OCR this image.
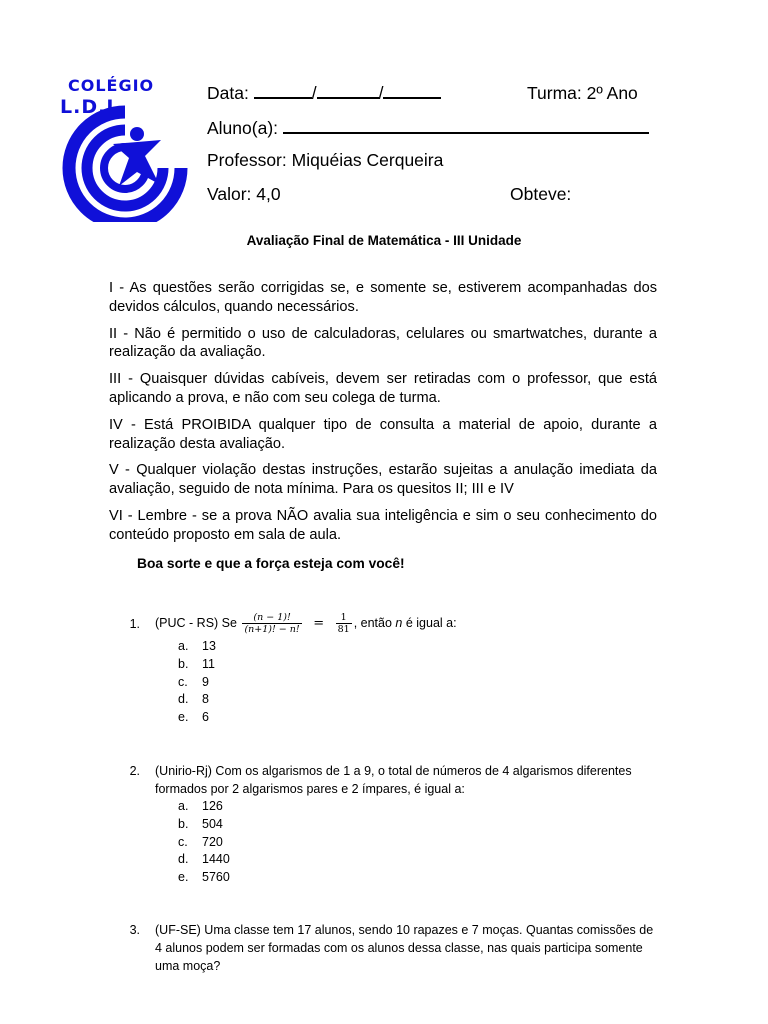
COLÉGIO
L.D.I.
Data:	/	/	Turma: 2º Ano
Aluno(a):
Professor: Miquéias Cerqueira
Valor: 4,0	Obteve:
Avaliação Final de Matemática - III Unidade

I - As questões serão corrigidas se, e somente se, estiverem acompanhadas dos devidos cálculos, quando necessários.

II - Não é permitido o uso de calculadoras, celulares ou smartwatches, durante a realização da avaliação.

III - Quaisquer dúvidas cabíveis, devem ser retiradas com o professor, que está aplicando a prova, e não com seu colega de turma.

IV - Está PROIBIDA qualquer tipo de consulta a material de apoio, durante a realização desta avaliação.

V - Qualquer violação destas instruções, estarão sujeitas a anulação imediata da avaliação, seguido de nota mínima. Para os quesitos II; III e IV

VI - Lembre - se a prova NÃO avalia sua inteligência e sim o seu conhecimento do conteúdo proposto em sala de aula.

Boa sorte e que a força esteja com você!
1. (PUC - RS) Se $\frac{(n - 1)!}{(n+1)! - n!} = \frac{1}{81}$ , então n é igual a:
a.	13
b.	11
c.	9
d.	8
e.	6
2. (Unirio-Rj) Com os algarismos de 1 a 9, o total de números de 4 algarismos diferentes
formados por 2 algarismos pares e 2 ímpares, é igual a:
a.	126
b.	504
c.	720
d.	1440
e.	5760
3. (UF-SE) Uma classe tem 17 alunos, sendo 10 rapazes e 7 moças. Quantas comissões de
4 alunos podem ser formadas com os alunos dessa classe, nas quais participa somente
uma moça?
